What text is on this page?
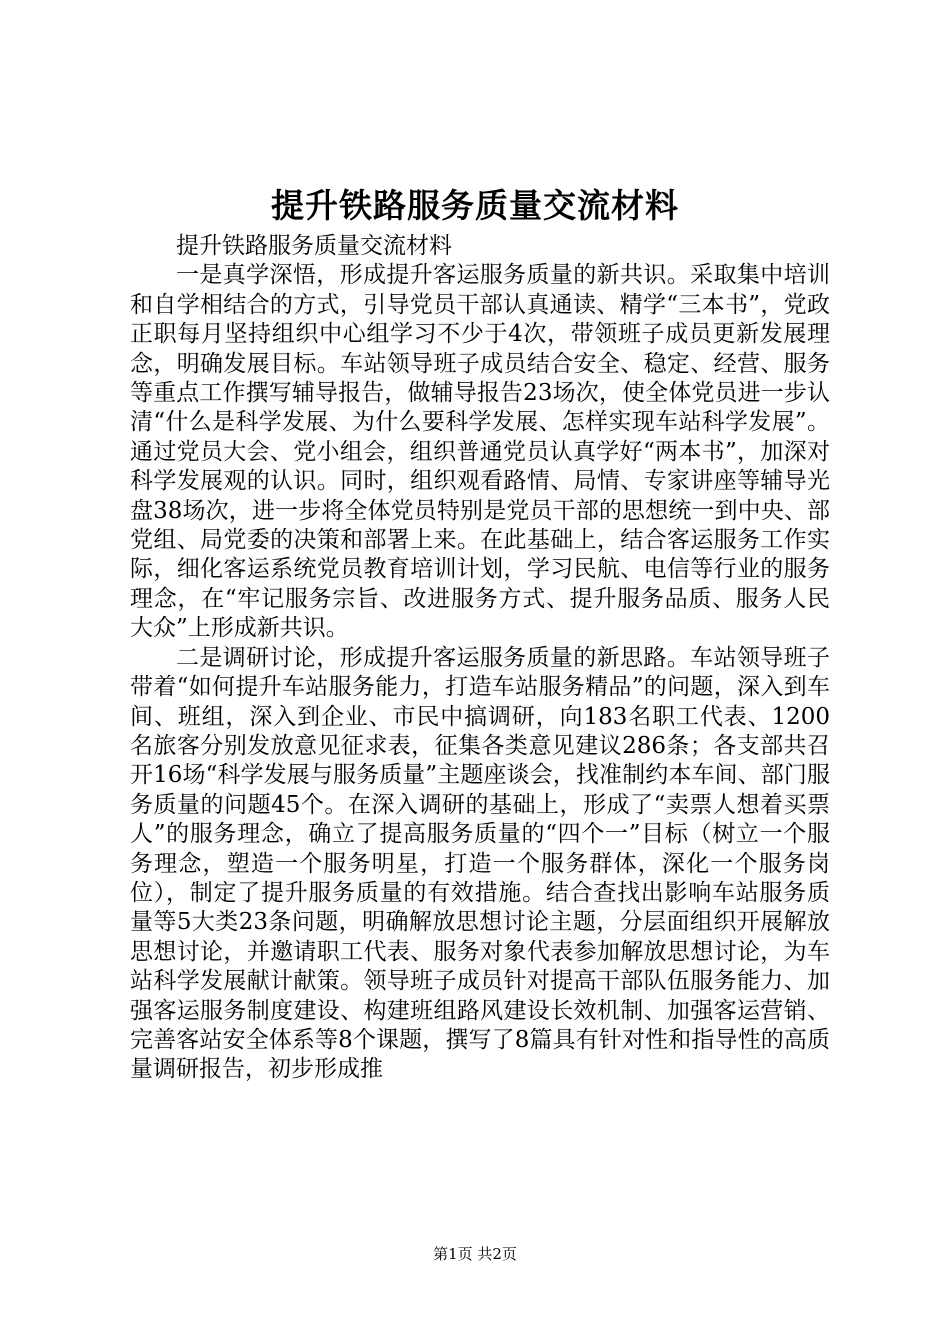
提升铁路服务质量交流材料

提升铁路服务质量交流材料

一是真学深悟，形成提升客运服务质量的新共识。采取集中培训和自学相结合的方式，引导党员干部认真通读、精学“三本书”，党政正职每月坚持组织中心组学习不少于4次，带领班子成员更新发展理念，明确发展目标。车站领导班子成员结合安全、稳定、经营、服务等重点工作撰写辅导报告，做辅导报告23场次，使全体党员进一步认清“什么是科学发展、为什么要科学发展、怎样实现车站科学发展”。通过党员大会、党小组会，组织普通党员认真学好“两本书”，加深对科学发展观的认识。同时，组织观看路情、局情、专家讲座等辅导光盘38场次，进一步将全体党员特别是党员干部的思想统一到中央、部党组、局党委的决策和部署上来。在此基础上，结合客运服务工作实际，细化客运系统党员教育培训计划，学习民航、电信等行业的服务理念，在“牢记服务宗旨、改进服务方式、提升服务品质、服务人民大众”上形成新共识。

二是调研讨论，形成提升客运服务质量的新思路。车站领导班子带着“如何提升车站服务能力，打造车站服务精品”的问题，深入到车间、班组，深入到企业、市民中搞调研，向183名职工代表、1200名旅客分别发放意见征求表，征集各类意见建议286条；各支部共召开16场“科学发展与服务质量”主题座谈会，找准制约本车间、部门服务质量的问题45个。在深入调研的基础上，形成了“卖票人想着买票人”的服务理念，确立了提高服务质量的“四个一”目标（树立一个服务理念，塑造一个服务明星，打造一个服务群体，深化一个服务岗位），制定了提升服务质量的有效措施。结合查找出影响车站服务质量等5大类23条问题，明确解放思想讨论主题，分层面组织开展解放思想讨论，并邀请职工代表、服务对象代表参加解放思想讨论，为车站科学发展献计献策。领导班子成员针对提高干部队伍服务能力、加强客运服务制度建设、构建班组路风建设长效机制、加强客运营销、完善客站安全体系等8个课题，撰写了8篇具有针对性和指导性的高质量调研报告，初步形成推

第1页 共2页
